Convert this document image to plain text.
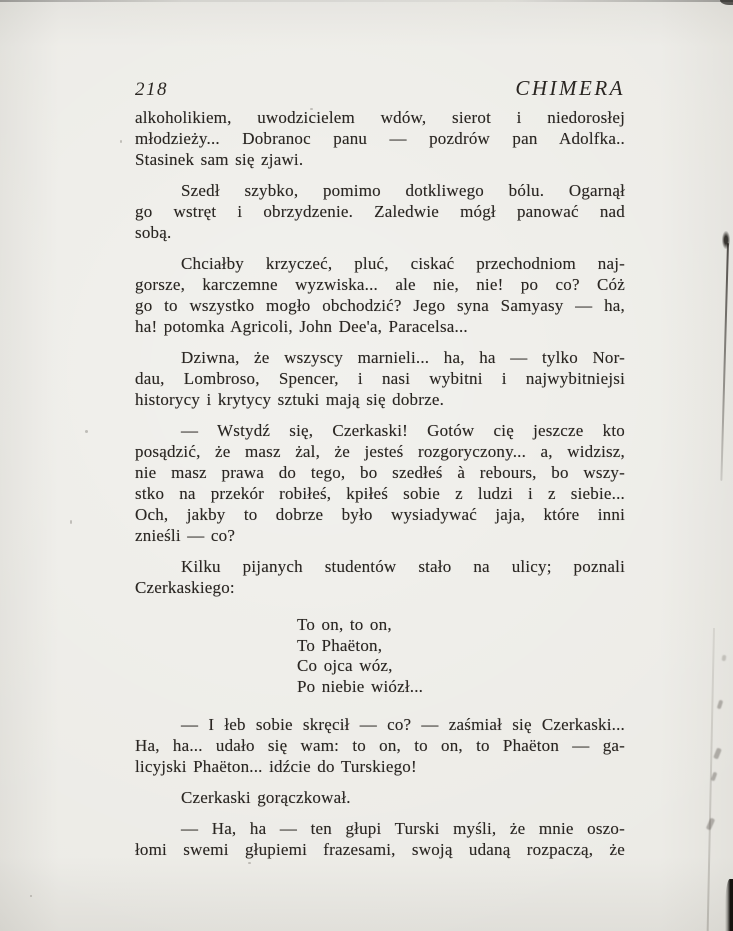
218	CHIMERA
alkoholikiem, uwodzicielem wdów, sierot i niedorosłej
młodzieży... Dobranoc panu — pozdrów pan Adolfka..
Stasinek sam się zjawi.
Szedł szybko, pomimo dotkliwego bólu. Ogarnął
go wstręt i obrzydzenie. Zaledwie mógł panować nad
sobą.
Chciałby krzyczeć, pluć, ciskać przechodniom naj-
gorsze, karczemne wyzwiska... ale nie, nie! po co? Cóż
go to wszystko mogło obchodzić? Jego syna Samyasy — ha,
ha! potomka Agricoli, John Dee'a, Paracelsa...
Dziwna, że wszyscy marnieli... ha, ha — tylko Nor-
dau, Lombroso, Spencer, i nasi wybitni i najwybitniejsi
historycy i krytycy sztuki mają się dobrze.
— Wstydź się, Czerkaski! Gotów cię jeszcze kto
posądzić, że masz żal, że jesteś rozgoryczony... a, widzisz,
nie masz prawa do tego, bo szedłeś à rebours, bo wszy-
stko na przekór robiłeś, kpiłeś sobie z ludzi i z siebie...
Och, jakby to dobrze było wysiadywać jaja, które inni
znieśli — co?
Kilku pijanych studentów stało na ulicy; poznali
Czerkaskiego:
To on, to on,
To Phaëton,
Co ojca wóz,
Po niebie wiózł...
— I łeb sobie skręcił — co? — zaśmiał się Czerkaski...
Ha, ha... udało się wam: to on, to on, to Phaëton — ga-
licyjski Phaëton... idźcie do Turskiego!
Czerkaski gorączkował.
— Ha, ha — ten głupi Turski myśli, że mnie oszo-
łomi swemi głupiemi frazesami, swoją udaną rozpaczą, że
